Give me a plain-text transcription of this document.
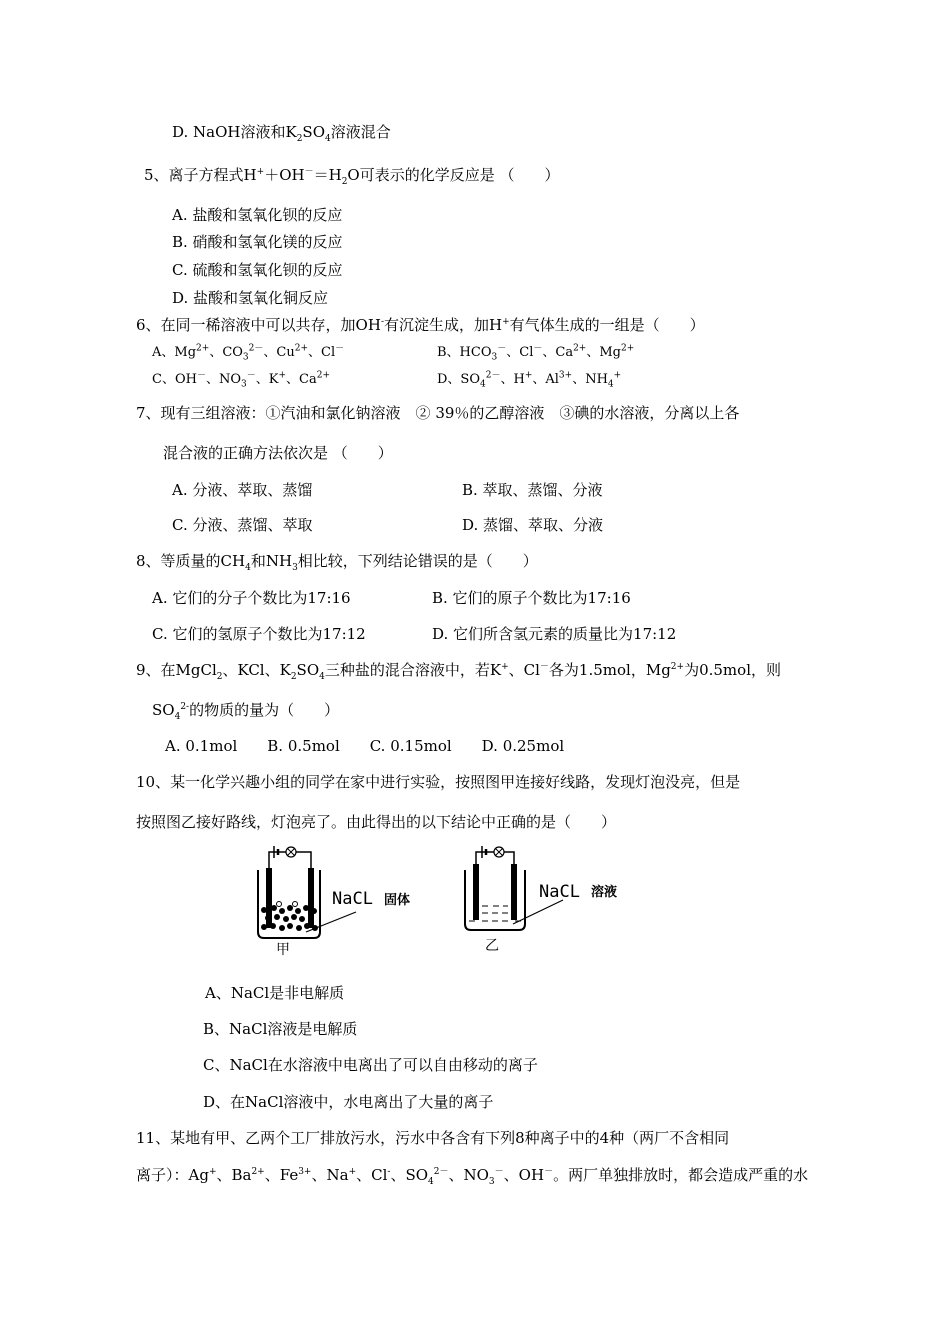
D. NaOH溶液和$K_2SO_4$溶液混合
5、离子方程式$H^++OH^-=H_2O$可表示的化学反应是 （　　）
A. 盐酸和氢氧化钡的反应
B. 硝酸和氢氧化镁的反应
C. 硫酸和氢氧化钡的反应
D. 盐酸和氢氧化铜反应
6、在同一稀溶液中可以共存，加OH-有沉淀生成，加H+有气体生成的一组是（　　）
A、$Mg^{2+}$、$CO_3^{2-}$、$Cu^{2+}$、Cl－	B、$HCO_3^-$、Cl－、$Ca^{2+}$、$Mg^{2+}$
C、OH－、$NO_3^-$、K+、$Ca^{2+}$	D、$SO_4^{2-}$、H+、$Al^{3+}$、$NH_4^+$
7、现有三组溶液：①汽油和氯化钠溶液　② 39％的乙醇溶液　③碘的水溶液，分离以上各
混合液的正确方法依次是 （　　）
A. 分液、萃取、蒸馏	B. 萃取、蒸馏、分液
C. 分液、蒸馏、萃取	D. 蒸馏、萃取、分液
8、等质量的$CH_4$和$NH_3$相比较，下列结论错误的是（　　）
A. 它们的分子个数比为17:16	B. 它们的原子个数比为17:16
C. 它们的氢原子个数比为17:12	D. 它们所含氢元素的质量比为17:12
9、在MgCl$_2$、KCl、$K_2SO_4$三种盐的混合溶液中，若K+、Cl－各为1.5mol，$Mg^{2+}$为0.5mol，则
$SO_4^{2-}$的物质的量为（　　）
A. 0.1mol　　B. 0.5mol　　C. 0.15mol　　D. 0.25mol
10、某一化学兴趣小组的同学在家中进行实验，按照图甲连接好线路，发现灯泡没亮，但是
按照图乙接好路线，灯泡亮了。由此得出的以下结论中正确的是（　　）
NaCL 固体
甲
NaCL 溶液
乙
A、NaCl是非电解质
B、NaCl溶液是电解质
C、NaCl在水溶液中电离出了可以自由移动的离子
D、在NaCl溶液中，水电离出了大量的离子
11、某地有甲、乙两个工厂排放污水，污水中各含有下列8种离子中的4种（两厂不含相同
离子）：Ag+、$Ba^{2+}$、$Fe^{3+}$、Na+、Cl-、$SO_4^{2-}$、$NO_3^-$、OH－。两厂单独排放时，都会造成严重的水
